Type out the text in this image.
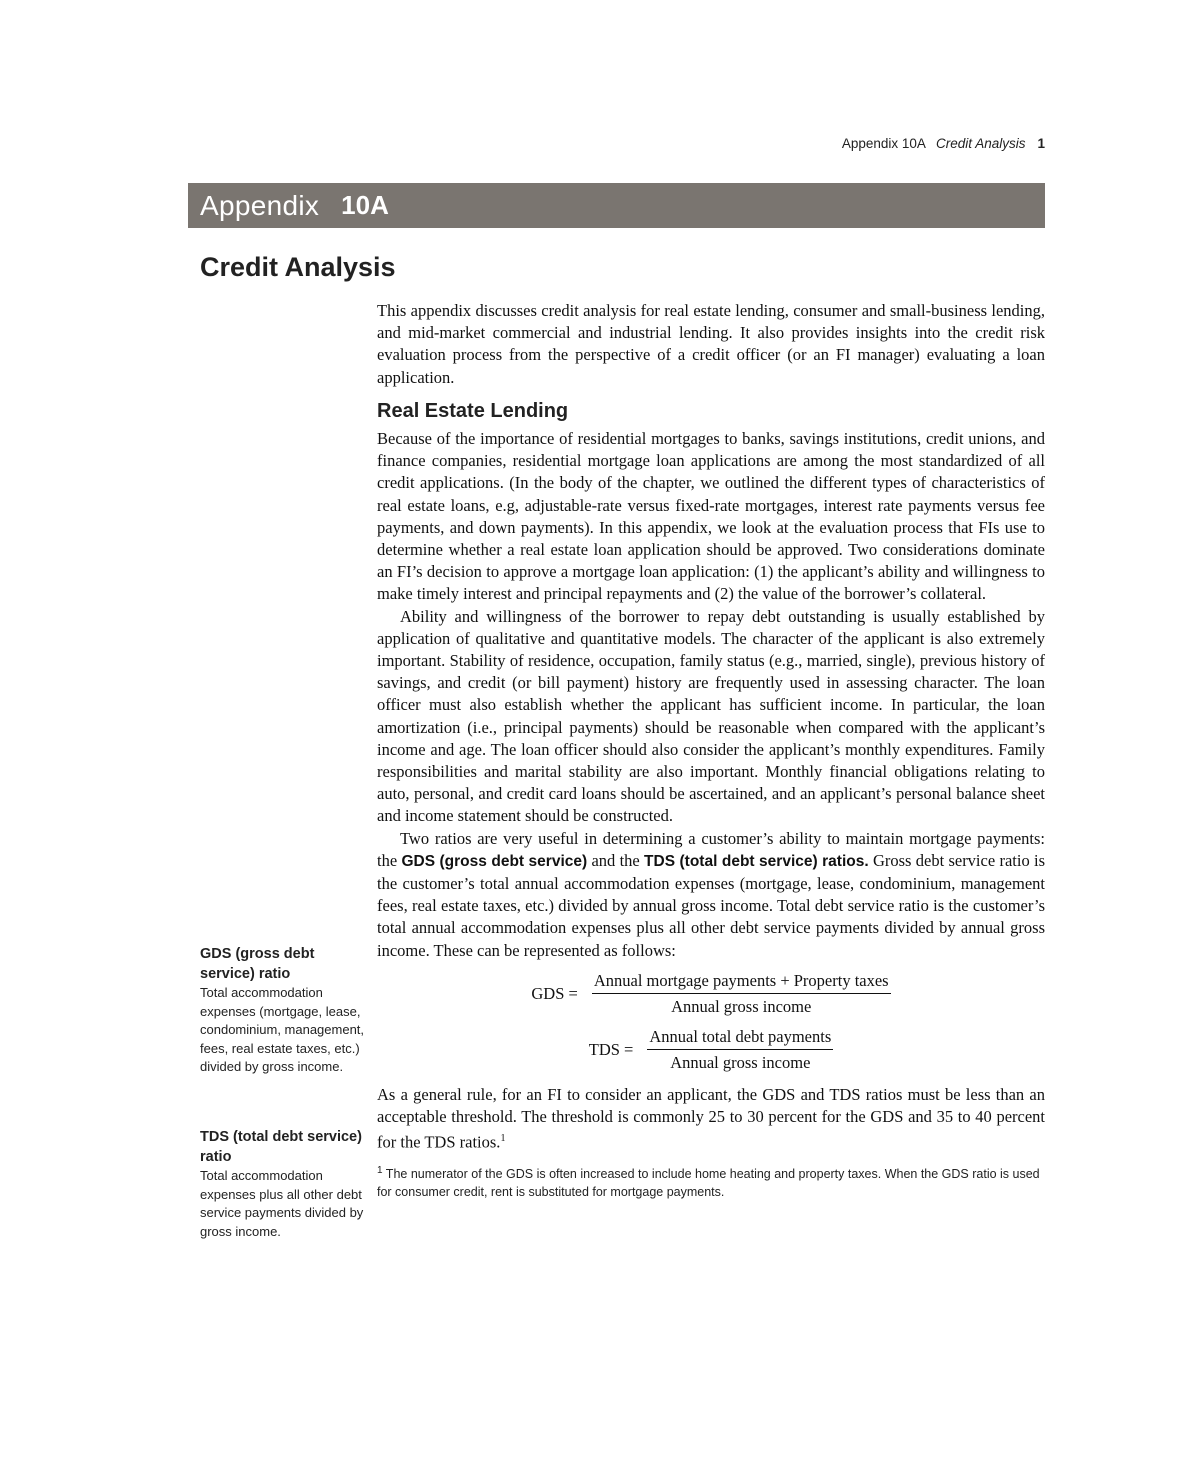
Appendix 10A Credit Analysis 1
Appendix 10A
Credit Analysis

This appendix discusses credit analysis for real estate lending, consumer and small-business lending, and mid-market commercial and industrial lending. It also provides insights into the credit risk evaluation process from the perspective of a credit officer (or an FI manager) evaluating a loan application.

Real Estate Lending

Because of the importance of residential mortgages to banks, savings institutions, credit unions, and finance companies, residential mortgage loan applications are among the most standardized of all credit applications. (In the body of the chapter, we outlined the different types of characteristics of real estate loans, e.g, adjustable-rate versus fixed-rate mortgages, interest rate payments versus fee payments, and down payments). In this appendix, we look at the evaluation process that FIs use to determine whether a real estate loan application should be approved. Two considerations dominate an FI’s decision to approve a mortgage loan application: (1) the applicant’s ability and willingness to make timely interest and principal repayments and (2) the value of the borrower’s collateral.

Ability and willingness of the borrower to repay debt outstanding is usually established by application of qualitative and quantitative models. The character of the applicant is also extremely important. Stability of residence, occupation, family status (e.g., married, single), previous history of savings, and credit (or bill payment) history are frequently used in assessing character. The loan officer must also establish whether the applicant has sufficient income. In particular, the loan amortization (i.e., principal payments) should be reasonable when compared with the applicant’s income and age. The loan officer should also consider the applicant’s monthly expenditures. Family responsibilities and marital stability are also important. Monthly financial obligations relating to auto, personal, and credit card loans should be ascertained, and an applicant’s personal balance sheet and income statement should be constructed.

Two ratios are very useful in determining a customer’s ability to maintain mortgage payments: the GDS (gross debt service) and the TDS (total debt service) ratios. Gross debt service ratio is the customer’s total annual accommodation expenses (mortgage, lease, condominium, management fees, real estate taxes, etc.) divided by annual gross income. Total debt service ratio is the customer’s total annual accommodation expenses plus all other debt service payments divided by annual gross income. These can be represented as follows:

GDS = $\frac{\text{Annual mortgage payments + Property taxes}}{\text{Annual gross income}}$
TDS = $\frac{\text{Annual total debt payments}}{\text{Annual gross income}}$

As a general rule, for an FI to consider an applicant, the GDS and TDS ratios must be less than an acceptable threshold. The threshold is commonly 25 to 30 percent for the GDS and 35 to 40 percent for the TDS ratios.$^1$

$^1$ The numerator of the GDS is often increased to include home heating and property taxes. When the GDS ratio is used for consumer credit, rent is substituted for mortgage payments.
GDS (gross debt service) ratio
Total accommodation expenses (mortgage, lease, condominium, management, fees, real estate taxes, etc.) divided by gross income.
TDS (total debt service) ratio
Total accommodation expenses plus all other debt service payments divided by gross income.
